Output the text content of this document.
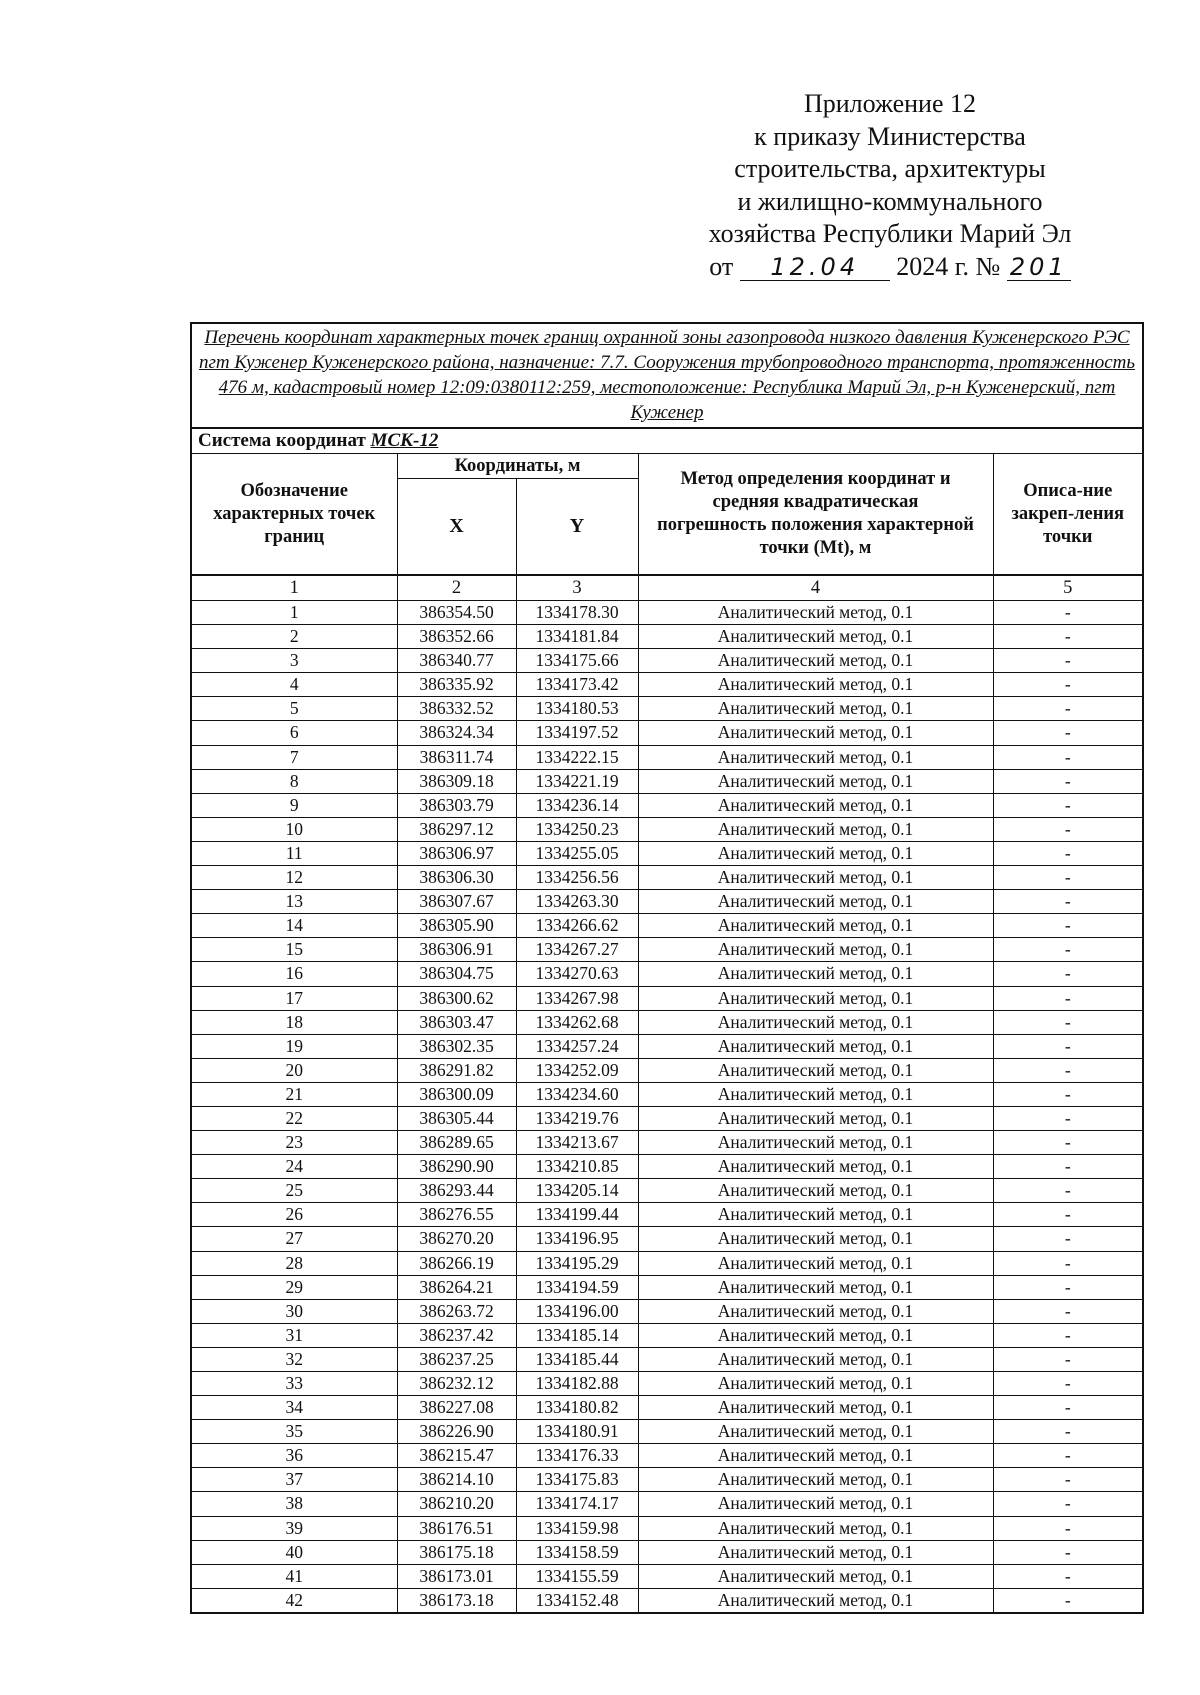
Приложение 12
к приказу Министерства
строительства, архитектуры
и жилищно-коммунального
хозяйства Республики Марий Эл
от 12.04 2024 г. № 201
Перечень координат характерных точек границ охранной зоны газопровода низкого давления Куженерского РЭС пгт Куженер Куженерского района, назначение: 7.7. Сооружения трубопроводного транспорта, протяженность 476 м, кадастровый номер 12:09:0380112:259, местоположение: Республика Марий Эл, р-н Куженерский, пгт Куженер				
Система координат МСК-12				
Обозначение характерных точек границ	Координаты, м		Метод определения координат и средняя квадратическая погрешность положения характерной точки (Mt), м	Описа-ние закреп-ления точки
	X	Y		
1	2	3	4	5
1	386354.50	1334178.30	Аналитический метод, 0.1	-
2	386352.66	1334181.84	Аналитический метод, 0.1	-
3	386340.77	1334175.66	Аналитический метод, 0.1	-
4	386335.92	1334173.42	Аналитический метод, 0.1	-
5	386332.52	1334180.53	Аналитический метод, 0.1	-
6	386324.34	1334197.52	Аналитический метод, 0.1	-
7	386311.74	1334222.15	Аналитический метод, 0.1	-
8	386309.18	1334221.19	Аналитический метод, 0.1	-
9	386303.79	1334236.14	Аналитический метод, 0.1	-
10	386297.12	1334250.23	Аналитический метод, 0.1	-
11	386306.97	1334255.05	Аналитический метод, 0.1	-
12	386306.30	1334256.56	Аналитический метод, 0.1	-
13	386307.67	1334263.30	Аналитический метод, 0.1	-
14	386305.90	1334266.62	Аналитический метод, 0.1	-
15	386306.91	1334267.27	Аналитический метод, 0.1	-
16	386304.75	1334270.63	Аналитический метод, 0.1	-
17	386300.62	1334267.98	Аналитический метод, 0.1	-
18	386303.47	1334262.68	Аналитический метод, 0.1	-
19	386302.35	1334257.24	Аналитический метод, 0.1	-
20	386291.82	1334252.09	Аналитический метод, 0.1	-
21	386300.09	1334234.60	Аналитический метод, 0.1	-
22	386305.44	1334219.76	Аналитический метод, 0.1	-
23	386289.65	1334213.67	Аналитический метод, 0.1	-
24	386290.90	1334210.85	Аналитический метод, 0.1	-
25	386293.44	1334205.14	Аналитический метод, 0.1	-
26	386276.55	1334199.44	Аналитический метод, 0.1	-
27	386270.20	1334196.95	Аналитический метод, 0.1	-
28	386266.19	1334195.29	Аналитический метод, 0.1	-
29	386264.21	1334194.59	Аналитический метод, 0.1	-
30	386263.72	1334196.00	Аналитический метод, 0.1	-
31	386237.42	1334185.14	Аналитический метод, 0.1	-
32	386237.25	1334185.44	Аналитический метод, 0.1	-
33	386232.12	1334182.88	Аналитический метод, 0.1	-
34	386227.08	1334180.82	Аналитический метод, 0.1	-
35	386226.90	1334180.91	Аналитический метод, 0.1	-
36	386215.47	1334176.33	Аналитический метод, 0.1	-
37	386214.10	1334175.83	Аналитический метод, 0.1	-
38	386210.20	1334174.17	Аналитический метод, 0.1	-
39	386176.51	1334159.98	Аналитический метод, 0.1	-
40	386175.18	1334158.59	Аналитический метод, 0.1	-
41	386173.01	1334155.59	Аналитический метод, 0.1	-
42	386173.18	1334152.48	Аналитический метод, 0.1	-
